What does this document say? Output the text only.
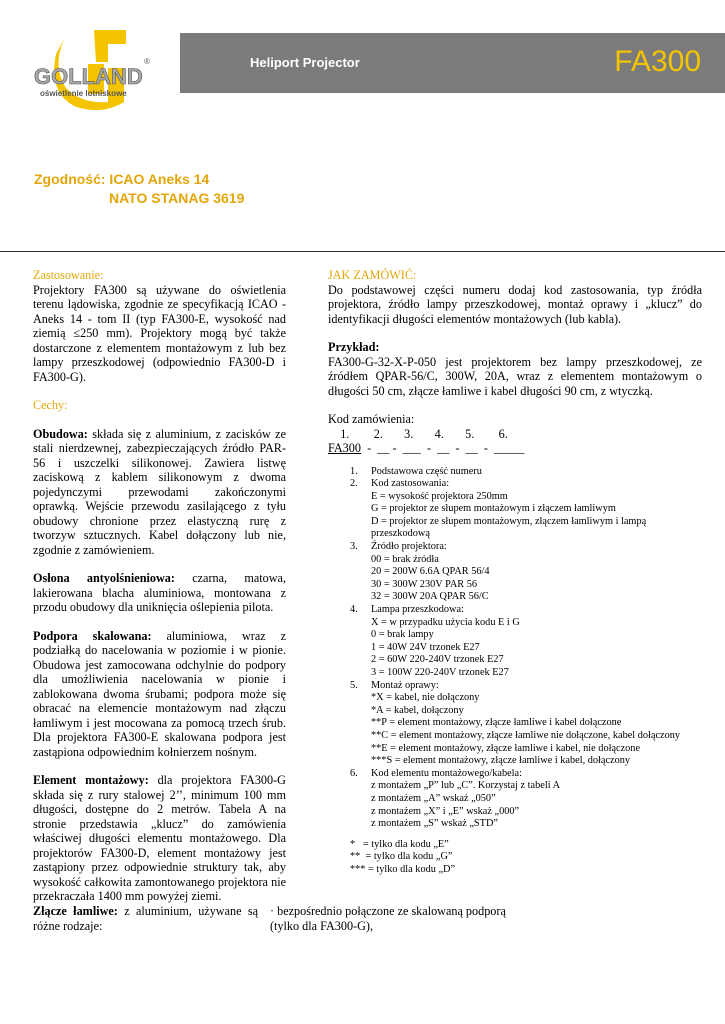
GOLLAND
®
oświetlenie lotniskowe
Heliport Projector	FA300
Zgodność: ICAO Aneks 14
NATO STANAG 3619

Zastosowanie:

Projektory FA300 są używane do oświetlenia terenu lądowiska, zgodnie ze specyfikacją ICAO - Aneks 14 - tom II (typ FA300-E, wysokość nad ziemią ≤250 mm). Projektory mogą być także dostarczone z elementem montażowym z lub bez lampy przeszkodowej (odpowiednio FA300-D i FA300-G).

Cechy:

Obudowa: składa się z aluminium, z zacisków ze stali nierdzewnej, zabezpieczających źródło PAR-56 i uszczelki silikonowej. Zawiera listwę zaciskową z kablem silikonowym z dwoma pojedynczymi przewodami zakończonymi oprawką. Wejście przewodu zasilającego z tyłu obudowy chronione przez elastyczną rurę z tworzyw sztucznych. Kabel dołączony lub nie, zgodnie z zamówieniem.

Osłona antyolśnieniowa: czarna, matowa, lakierowana blacha aluminiowa, montowana z przodu obudowy dla uniknięcia oślepienia pilota.

Podpora skalowana: aluminiowa, wraz z podziałką do nacelowania w poziomie i w pionie. Obudowa jest zamocowana odchylnie do podpory dla umożliwienia nacelowania w pionie i zablokowana dwoma śrubami; podpora może się obracać na elemencie montażowym nad złączu łamliwym i jest mocowana za pomocą trzech śrub. Dla projektora FA300-E skalowana podpora jest zastąpiona odpowiednim kołnierzem nośnym.

Element montażowy: dla projektora FA300-G składa się z rury stalowej 2’’, minimum 100 mm długości, dostępne do 2 metrów. Tabela A na stronie przedstawia „klucz” do zamówienia właściwej długości elementu montażowego. Dla projektorów FA300-D, element montażowy jest zastąpiony przez odpowiednie struktury tak, aby wysokość całkowita zamontowanego projektora nie przekraczała 1400 mm powyżej ziemi.

Złącze łamliwe: z aluminium, używane są różne rodzaje:
· bezpośrednio połączone ze skalowaną podporą (tylko dla FA300-G),

JAK ZAMÓWIĆ:

Do podstawowej części numeru dodaj kod zastosowania, typ źródła projektora, źródło lampy przeszkodowej, montaż oprawy i „klucz” do identyfikacji długości elementów montażowych (lub kabla).

Przykład:

FA300-G-32-X-P-050 jest projektorem bez lampy przeszkodowej, ze źródłem QPAR-56/C, 300W, 20A, wraz z elementem montażowym o długości 50 cm, złącze łamliwe i kabel długości 90 cm, z wtyczką.

Kod zamówienia:

1.        2.       3.       4.       5.        6.

FA300  -  __ -  ___  -  __  -  __  -  _____

1. Podstawowa część numeru
2. Kod zastosowania:
E = wysokość projektora 250mm
G = projektor ze słupem montażowym i złączem łamliwym
D = projektor ze słupem montażowym, złączem łamliwym i lampą przeszkodową
3. Źródło projektora:
00 = brak źródła
20 = 200W 6.6A QPAR 56/4
30 = 300W 230V PAR 56
32 = 300W 20A QPAR 56/C
4. Lampa przeszkodowa:
X = w przypadku użycia kodu E i G
0 = brak lampy
1 = 40W 24V trzonek E27
2 = 60W 220-240V trzonek E27
3 = 100W 220-240V trzonek E27
5. Montaż oprawy:
*X = kabel, nie dołączony
*A = kabel, dołączony
**P = element montażowy, złącze łamliwe i kabel dołączone
**C = element montażowy, złącze łamliwe nie dołączone, kabel dołączony
**E = element montażowy, złącze łamliwe i kabel, nie dołączone
***S = element montażowy, złącze łamliwe i kabel, dołączony
6. Kod elementu montażowego/kabela:
z montażem „P” lub „C”. Korzystaj z tabeli A
z montażem „A” wskaż „050”
z montażem „X” i „E” wskaż „000”
z montażem „S” wskaż „STD”
*   = tylko dla kodu „E”
**  = tylko dla kodu „G”
*** = tylko dla kodu „D”
